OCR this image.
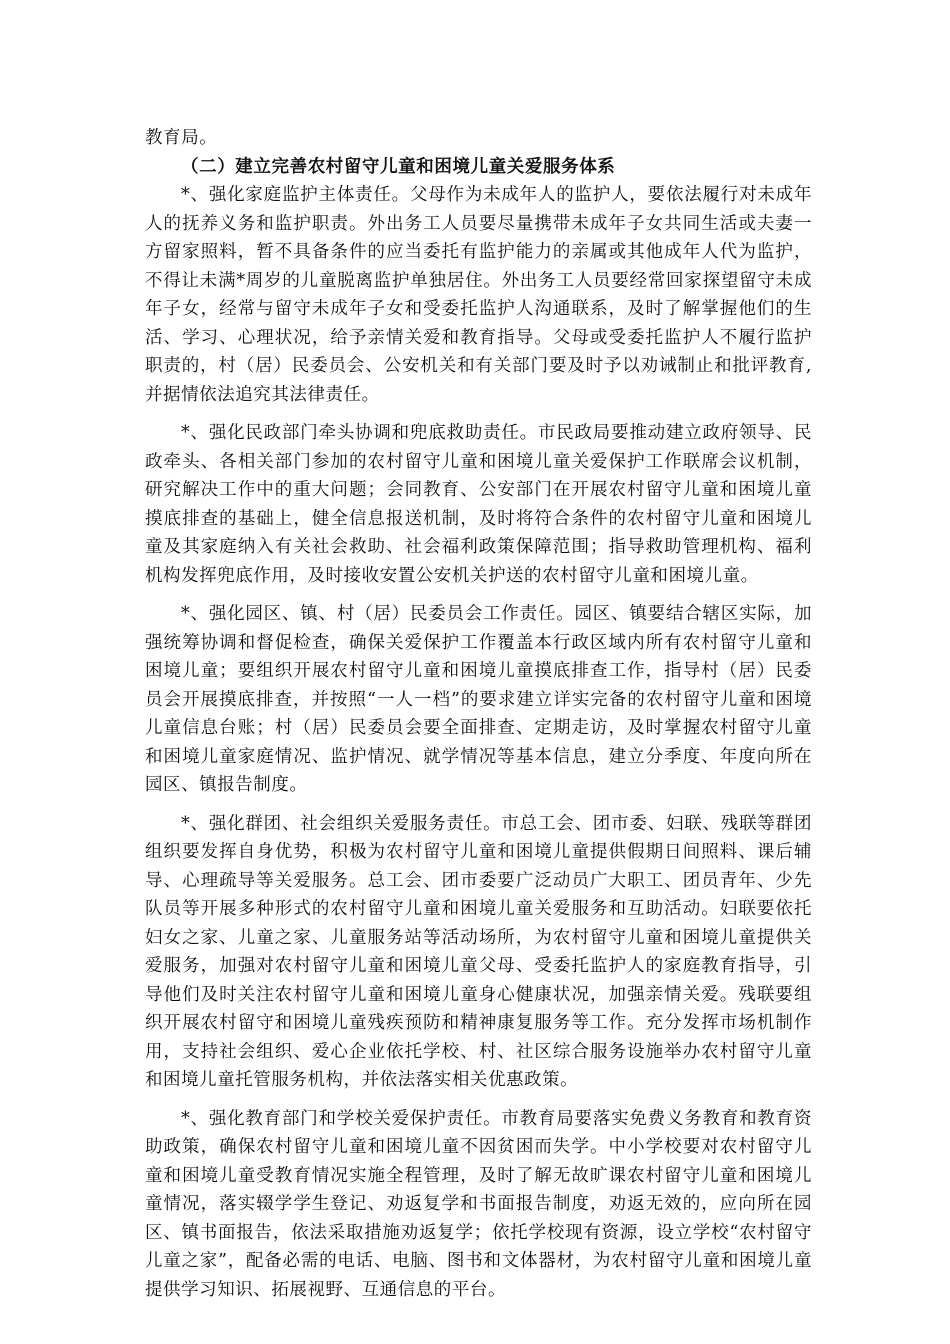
教育局。

（二）建立完善农村留守儿童和困境儿童关爱服务体系

*、强化家庭监护主体责任。父母作为未成年人的监护人，要依法履行对未成年人的抚养义务和监护职责。外出务工人员要尽量携带未成年子女共同生活或夫妻一方留家照料，暂不具备条件的应当委托有监护能力的亲属或其他成年人代为监护，不得让未满*周岁的儿童脱离监护单独居住。外出务工人员要经常回家探望留守未成年子女，经常与留守未成年子女和受委托监护人沟通联系，及时了解掌握他们的生活、学习、心理状况，给予亲情关爱和教育指导。父母或受委托监护人不履行监护职责的，村（居）民委员会、公安机关和有关部门要及时予以劝诫制止和批评教育,并据情依法追究其法律责任。

*、强化民政部门牵头协调和兜底救助责任。市民政局要推动建立政府领导、民政牵头、各相关部门参加的农村留守儿童和困境儿童关爱保护工作联席会议机制，研究解决工作中的重大问题；会同教育、公安部门在开展农村留守儿童和困境儿童摸底排查的基础上，健全信息报送机制，及时将符合条件的农村留守儿童和困境儿童及其家庭纳入有关社会救助、社会福利政策保障范围；指导救助管理机构、福利机构发挥兜底作用，及时接收安置公安机关护送的农村留守儿童和困境儿童。

*、强化园区、镇、村（居）民委员会工作责任。园区、镇要结合辖区实际，加强统筹协调和督促检查，确保关爱保护工作覆盖本行政区域内所有农村留守儿童和困境儿童；要组织开展农村留守儿童和困境儿童摸底排查工作，指导村（居）民委员会开展摸底排查，并按照“一人一档”的要求建立详实完备的农村留守儿童和困境儿童信息台账；村（居）民委员会要全面排查、定期走访，及时掌握农村留守儿童和困境儿童家庭情况、监护情况、就学情况等基本信息，建立分季度、年度向所在园区、镇报告制度。

*、强化群团、社会组织关爱服务责任。市总工会、团市委、妇联、残联等群团组织要发挥自身优势，积极为农村留守儿童和困境儿童提供假期日间照料、课后辅导、心理疏导等关爱服务。总工会、团市委要广泛动员广大职工、团员青年、少先队员等开展多种形式的农村留守儿童和困境儿童关爱服务和互助活动。妇联要依托妇女之家、儿童之家、儿童服务站等活动场所，为农村留守儿童和困境儿童提供关爱服务，加强对农村留守儿童和困境儿童父母、受委托监护人的家庭教育指导，引导他们及时关注农村留守儿童和困境儿童身心健康状况，加强亲情关爱。残联要组织开展农村留守和困境儿童残疾预防和精神康复服务等工作。充分发挥市场机制作用，支持社会组织、爱心企业依托学校、村、社区综合服务设施举办农村留守儿童和困境儿童托管服务机构，并依法落实相关优惠政策。

*、强化教育部门和学校关爱保护责任。市教育局要落实免费义务教育和教育资助政策，确保农村留守儿童和困境儿童不因贫困而失学。中小学校要对农村留守儿童和困境儿童受教育情况实施全程管理，及时了解无故旷课农村留守儿童和困境儿童情况，落实辍学学生登记、劝返复学和书面报告制度，劝返无效的，应向所在园区、镇书面报告，依法采取措施劝返复学；依托学校现有资源，设立学校“农村留守儿童之家”，配备必需的电话、电脑、图书和文体器材，为农村留守儿童和困境儿童提供学习知识、拓展视野、互通信息的平台。
